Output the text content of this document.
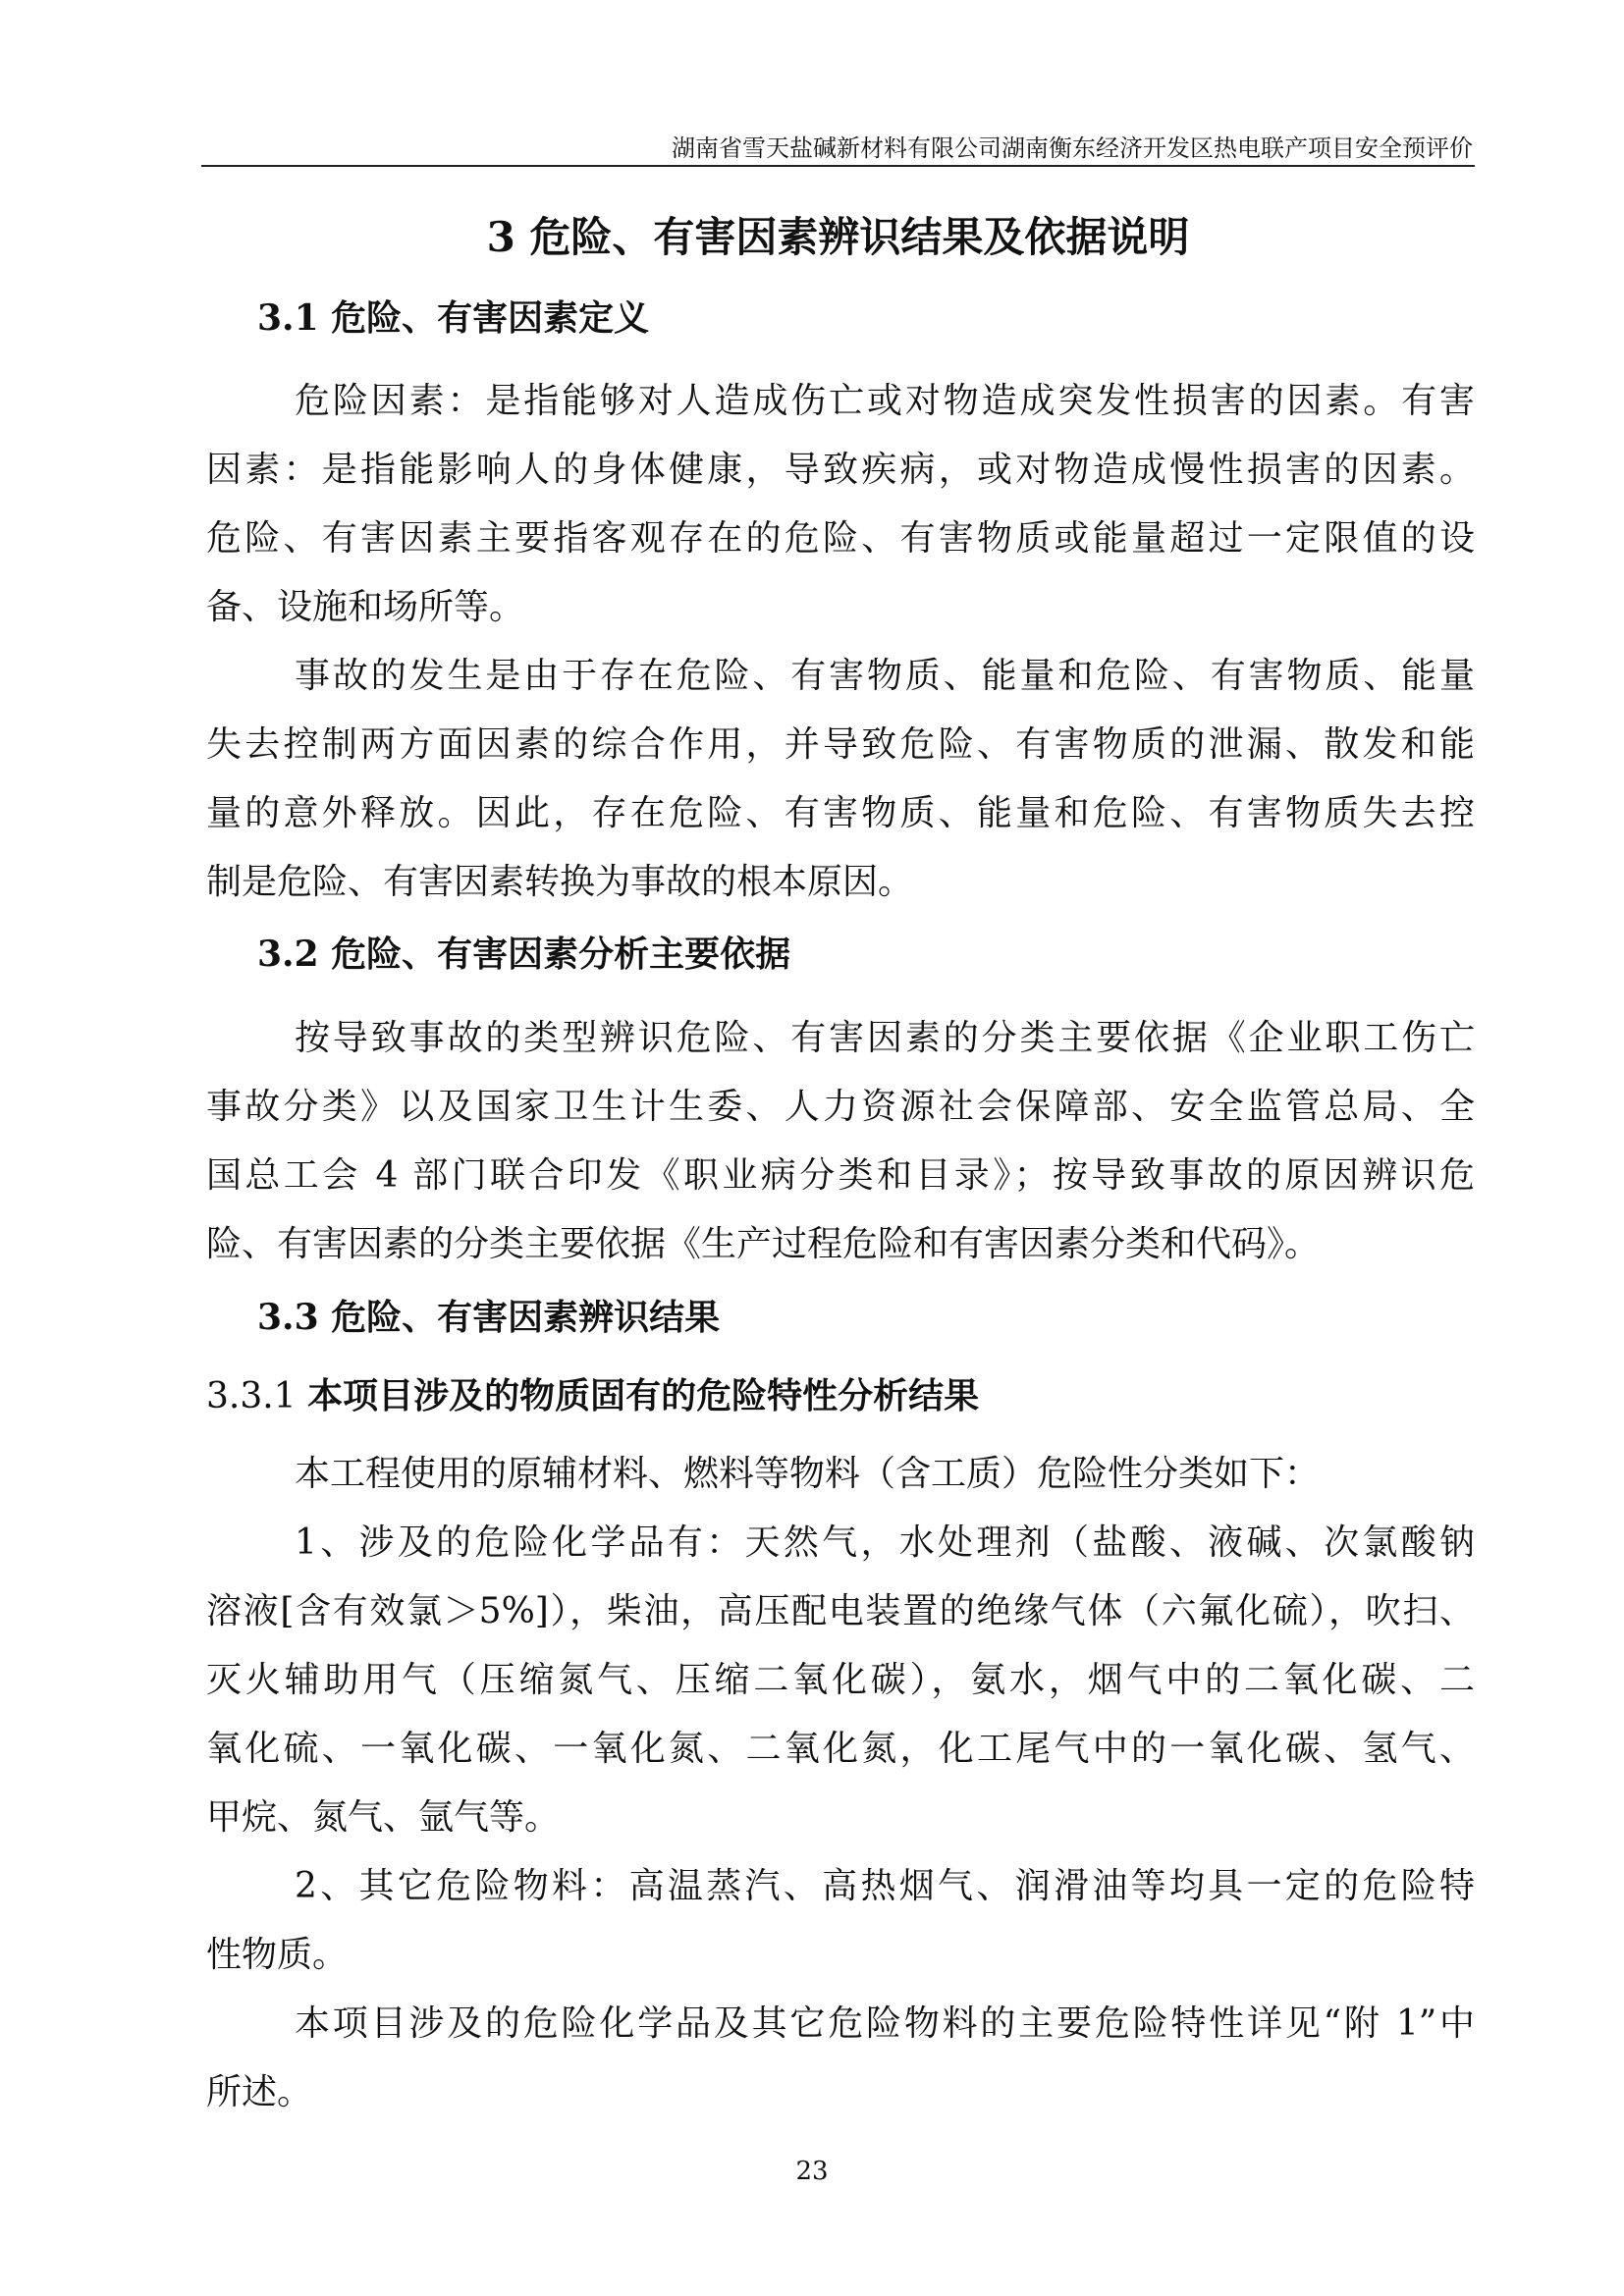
湖南省雪天盐碱新材料有限公司湖南衡东经济开发区热电联产项目安全预评价
3 危险、有害因素辨识结果及依据说明
3.1 危险、有害因素定义
危险因素：是指能够对人造成伤亡或对物造成突发性损害的因素。有害
因素：是指能影响人的身体健康，导致疾病，或对物造成慢性损害的因素。
危险、有害因素主要指客观存在的危险、有害物质或能量超过一定限值的设
备、设施和场所等。
事故的发生是由于存在危险、有害物质、能量和危险、有害物质、能量
失去控制两方面因素的综合作用，并导致危险、有害物质的泄漏、散发和能
量的意外释放。因此，存在危险、有害物质、能量和危险、有害物质失去控
制是危险、有害因素转换为事故的根本原因。
3.2 危险、有害因素分析主要依据
按导致事故的类型辨识危险、有害因素的分类主要依据《企业职工伤亡
事故分类》以及国家卫生计生委、人力资源社会保障部、安全监管总局、全
国总工会 4 部门联合印发《职业病分类和目录》；按导致事故的原因辨识危
险、有害因素的分类主要依据《生产过程危险和有害因素分类和代码》。
3.3 危险、有害因素辨识结果
3.3.1 本项目涉及的物质固有的危险特性分析结果
本工程使用的原辅材料、燃料等物料（含工质）危险性分类如下：
1、涉及的危险化学品有：天然气，水处理剂（盐酸、液碱、次氯酸钠
溶液[含有效氯＞5%]），柴油，高压配电装置的绝缘气体（六氟化硫），吹扫、
灭火辅助用气（压缩氮气、压缩二氧化碳），氨水，烟气中的二氧化碳、二
氧化硫、一氧化碳、一氧化氮、二氧化氮，化工尾气中的一氧化碳、氢气、
甲烷、氮气、氩气等。
2、其它危险物料：高温蒸汽、高热烟气、润滑油等均具一定的危险特
性物质。
本项目涉及的危险化学品及其它危险物料的主要危险特性详见“附 1”中
所述。
23
